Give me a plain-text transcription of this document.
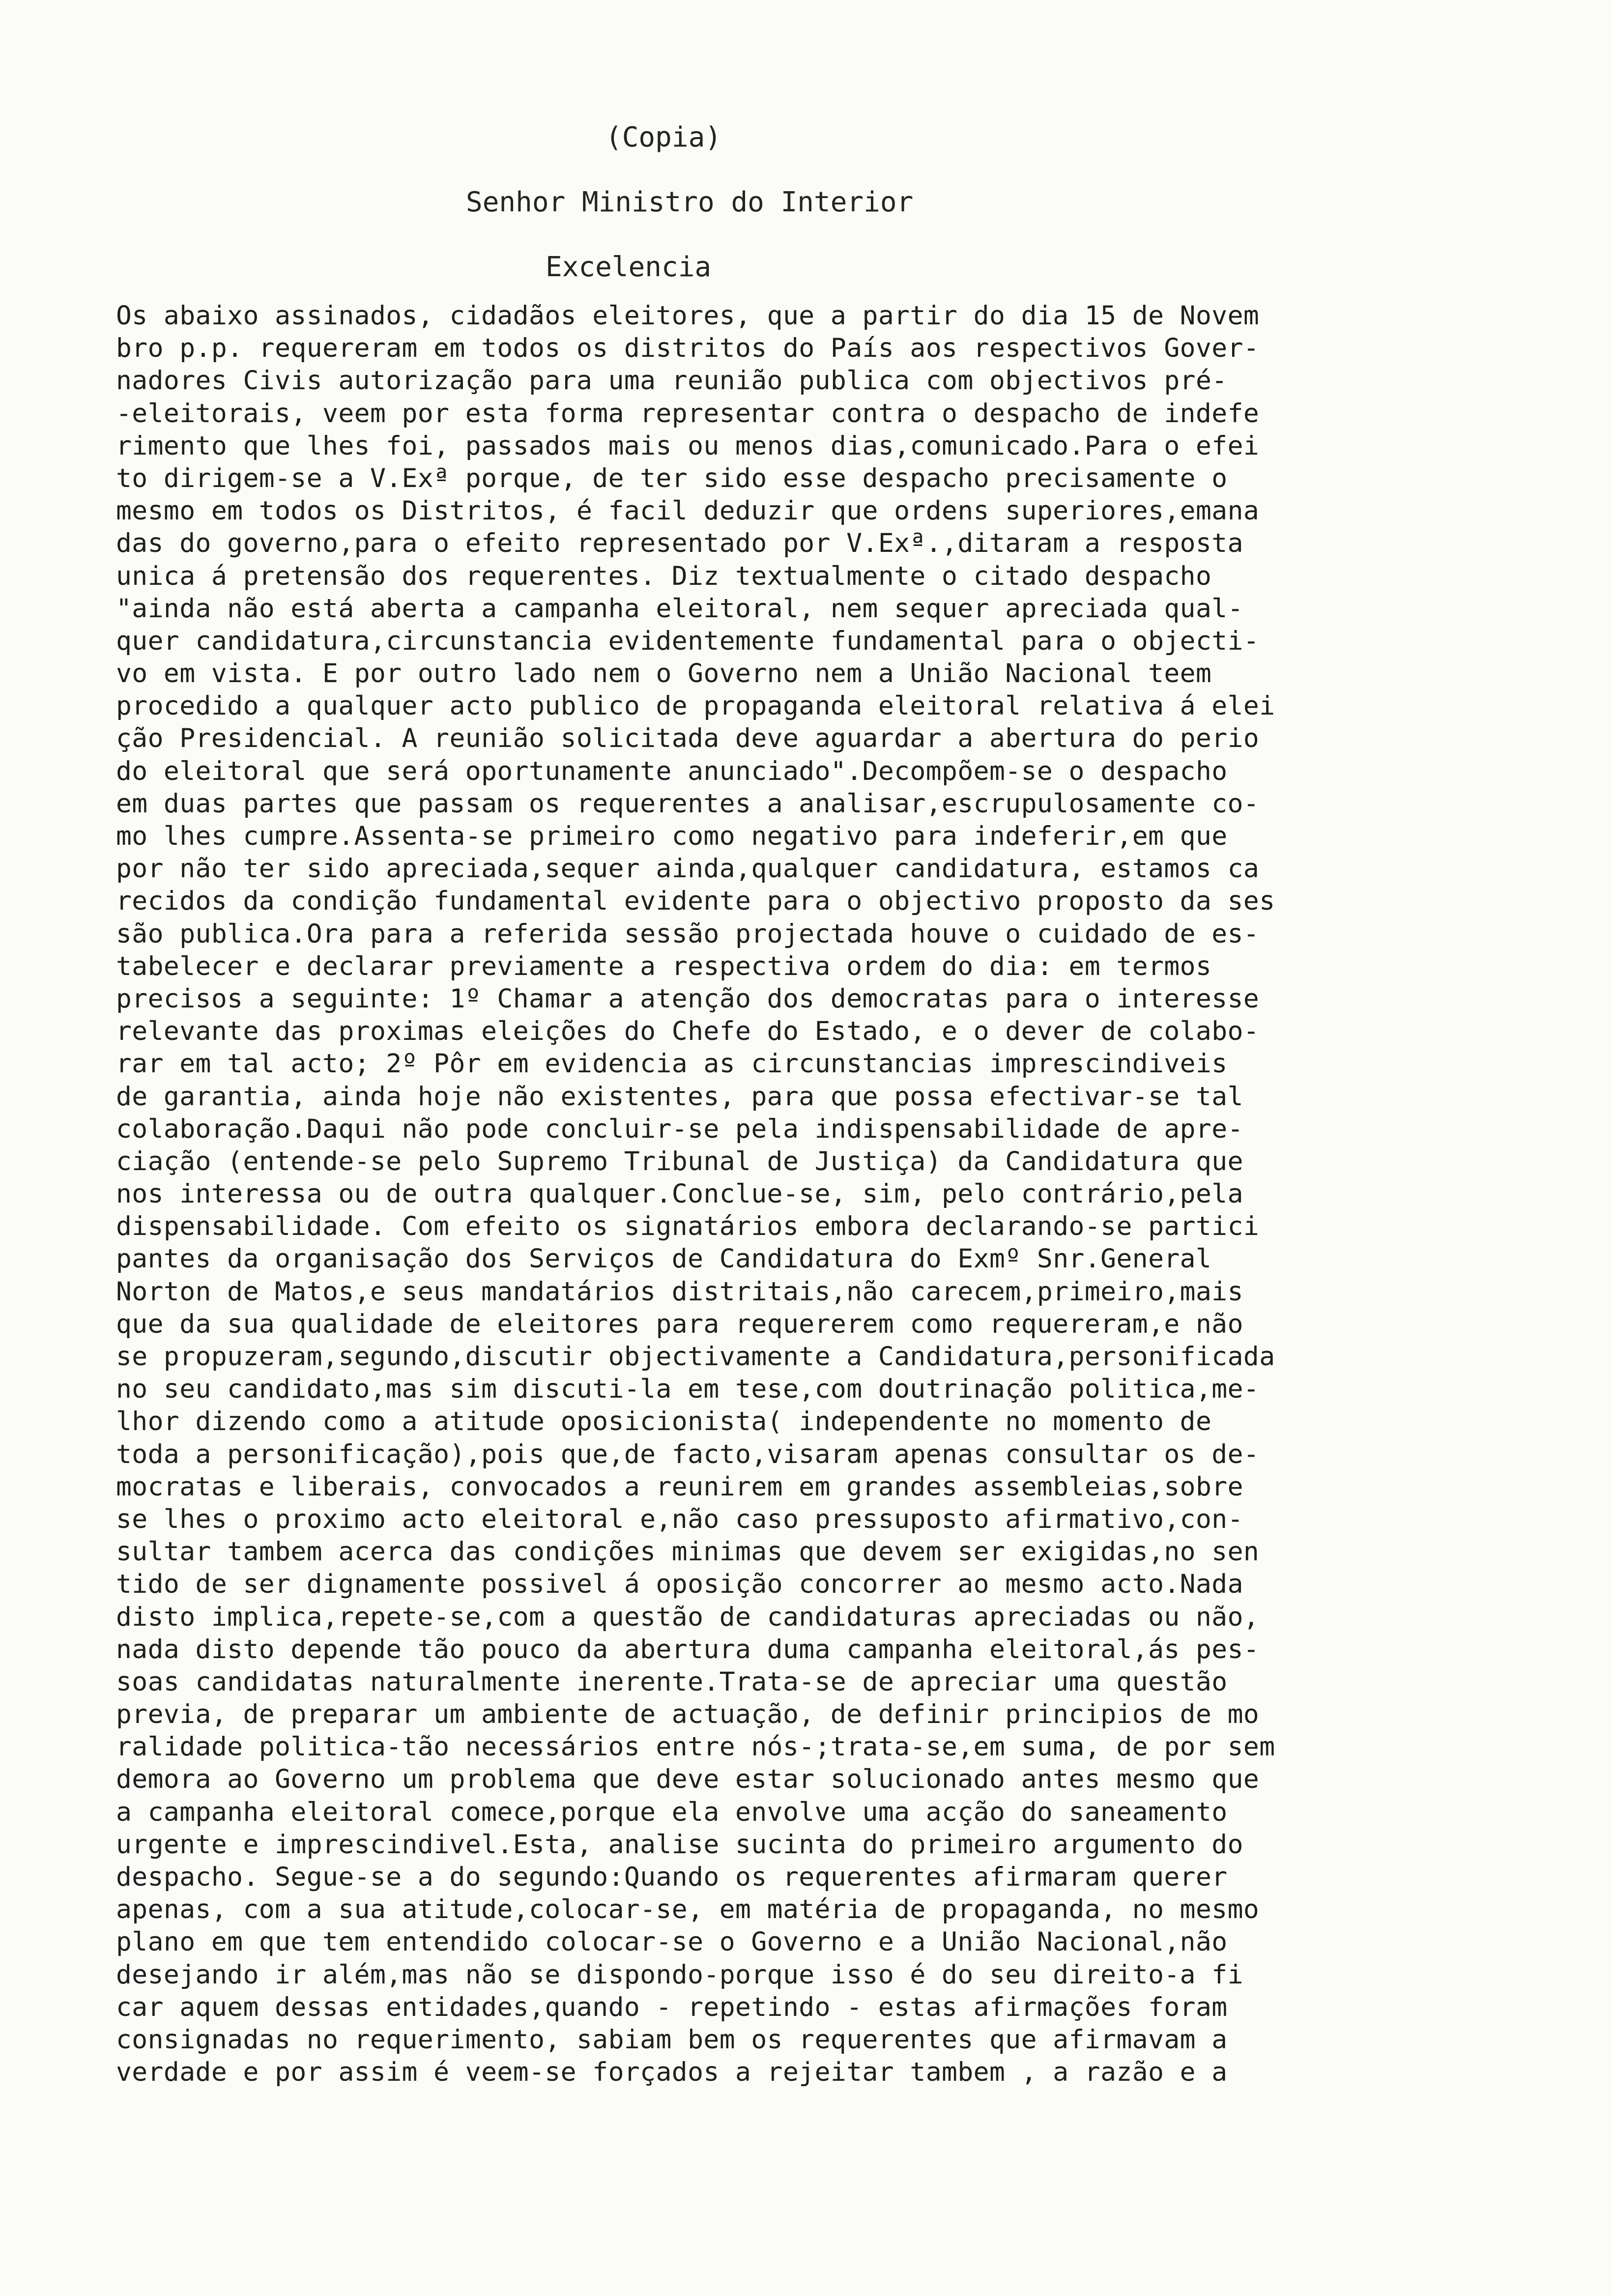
(Copia)
Senhor Ministro do Interior
Excelencia
Os abaixo assinados, cidadãos eleitores, que a partir do dia 15 de Novem
bro p.p. requereram em todos os distritos do País aos respectivos Gover-
nadores Civis autorização para uma reunião publica com objectivos pré-
-eleitorais, veem por esta forma representar contra o despacho de indefe
rimento que lhes foi, passados mais ou menos dias,comunicado.Para o efei
to dirigem-se a V.Exª porque, de ter sido esse despacho precisamente o
mesmo em todos os Distritos, é facil deduzir que ordens superiores,emana
das do governo,para o efeito representado por V.Exª.,ditaram a resposta
unica á pretensão dos requerentes. Diz textualmente o citado despacho
"ainda não está aberta a campanha eleitoral, nem sequer apreciada qual-
quer candidatura,circunstancia evidentemente fundamental para o objecti-
vo em vista. E por outro lado nem o Governo nem a União Nacional teem
procedido a qualquer acto publico de propaganda eleitoral relativa á elei
ção Presidencial. A reunião solicitada deve aguardar a abertura do perio
do eleitoral que será oportunamente anunciado".Decompõem-se o despacho
em duas partes que passam os requerentes a analisar,escrupulosamente co-
mo lhes cumpre.Assenta-se primeiro como negativo para indeferir,em que
por não ter sido apreciada,sequer ainda,qualquer candidatura, estamos ca
recidos da condição fundamental evidente para o objectivo proposto da ses
são publica.Ora para a referida sessão projectada houve o cuidado de es-
tabelecer e declarar previamente a respectiva ordem do dia: em termos
precisos a seguinte: 1º Chamar a atenção dos democratas para o interesse
relevante das proximas eleições do Chefe do Estado, e o dever de colabo-
rar em tal acto; 2º Pôr em evidencia as circunstancias imprescindiveis
de garantia, ainda hoje não existentes, para que possa efectivar-se tal
colaboração.Daqui não pode concluir-se pela indispensabilidade de apre-
ciação (entende-se pelo Supremo Tribunal de Justiça) da Candidatura que
nos interessa ou de outra qualquer.Conclue-se, sim, pelo contrário,pela
dispensabilidade. Com efeito os signatários embora declarando-se partici
pantes da organisação dos Serviços de Candidatura do Exmº Snr.General
Norton de Matos,e seus mandatários distritais,não carecem,primeiro,mais
que da sua qualidade de eleitores para requererem como requereram,e não
se propuzeram,segundo,discutir objectivamente a Candidatura,personificada
no seu candidato,mas sim discuti-la em tese,com doutrinação politica,me-
lhor dizendo como a atitude oposicionista( independente no momento de
toda a personificação),pois que,de facto,visaram apenas consultar os de-
mocratas e liberais, convocados a reunirem em grandes assembleias,sobre
se lhes o proximo acto eleitoral e,não caso pressuposto afirmativo,con-
sultar tambem acerca das condições minimas que devem ser exigidas,no sen
tido de ser dignamente possivel á oposição concorrer ao mesmo acto.Nada
disto implica,repete-se,com a questão de candidaturas apreciadas ou não,
nada disto depende tão pouco da abertura duma campanha eleitoral,ás pes-
soas candidatas naturalmente inerente.Trata-se de apreciar uma questão
previa, de preparar um ambiente de actuação, de definir principios de mo
ralidade politica-tão necessários entre nós-;trata-se,em suma, de por sem
demora ao Governo um problema que deve estar solucionado antes mesmo que
a campanha eleitoral comece,porque ela envolve uma acção do saneamento
urgente e imprescindivel.Esta, analise sucinta do primeiro argumento do
despacho. Segue-se a do segundo:Quando os requerentes afirmaram querer
apenas, com a sua atitude,colocar-se, em matéria de propaganda, no mesmo
plano em que tem entendido colocar-se o Governo e a União Nacional,não
desejando ir além,mas não se dispondo-porque isso é do seu direito-a fi
car aquem dessas entidades,quando - repetindo - estas afirmações foram
consignadas no requerimento, sabiam bem os requerentes que afirmavam a
verdade e por assim é veem-se forçados a rejeitar tambem , a razão e a
